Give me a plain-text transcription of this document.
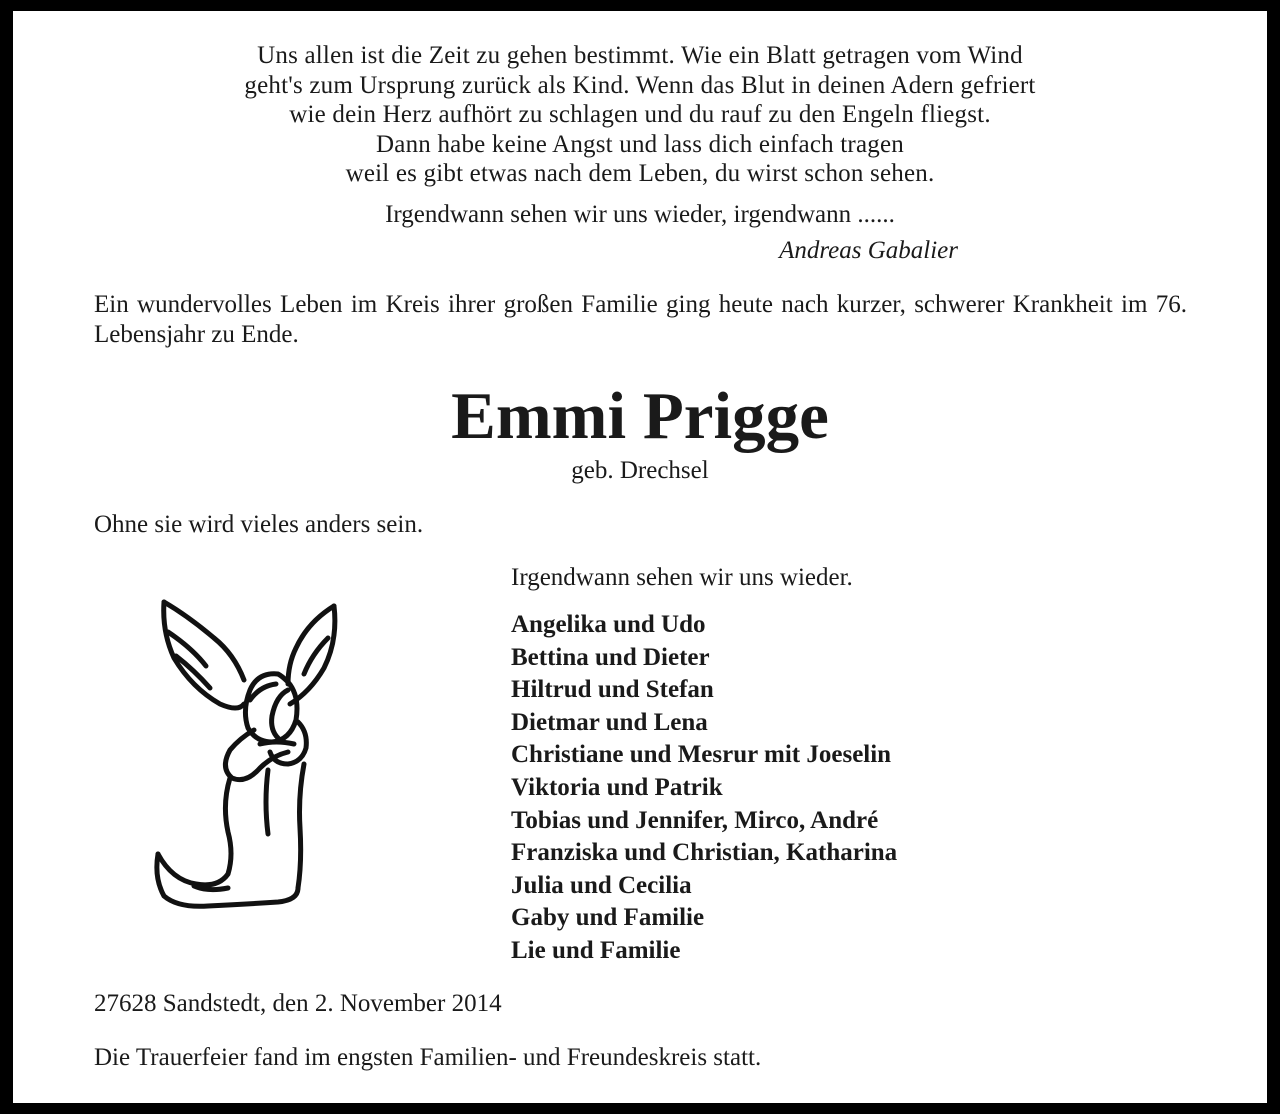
Uns allen ist die Zeit zu gehen bestimmt. Wie ein Blatt getragen vom Wind
geht's zum Ursprung zurück als Kind. Wenn das Blut in deinen Adern gefriert
wie dein Herz aufhört zu schlagen und du rauf zu den Engeln fliegst.
Dann habe keine Angst und lass dich einfach tragen
weil es gibt etwas nach dem Leben, du wirst schon sehen.
Irgendwann sehen wir uns wieder, irgendwann ......
Andreas Gabalier
Ein wundervolles Leben im Kreis ihrer großen Familie ging heute nach kurzer, schwerer Krankheit im 76. Lebensjahr zu Ende.
Emmi Prigge
geb. Drechsel
Ohne sie wird vieles anders sein.
Irgendwann sehen wir uns wieder.
Angelika und Udo
Bettina und Dieter
Hiltrud und Stefan
Dietmar und Lena
Christiane und Mesrur mit Joeselin
Viktoria und Patrik
Tobias und Jennifer, Mirco, André
Franziska und Christian, Katharina
Julia und Cecilia
Gaby und Familie
Lie und Familie
27628 Sandstedt, den 2. November 2014
Die Trauerfeier fand im engsten Familien- und Freundeskreis statt.
